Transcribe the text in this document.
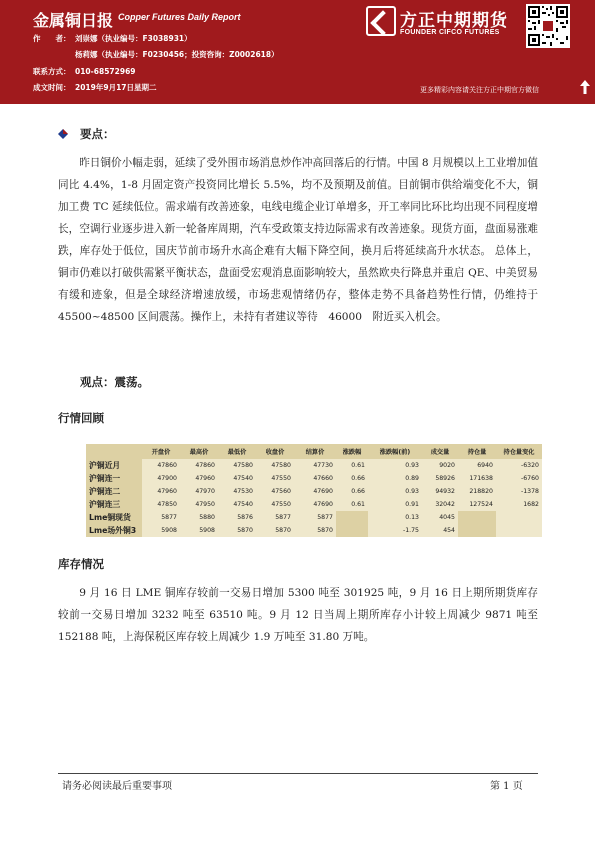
金属铜日报 Copper Futures Daily Report
作　　者： 刘崇娜（执业编号：F3038931）
杨莉娜（执业编号：F0230456；投资咨询：Z0002618）
联系方式： 010-68572969
成文时间： 2019年9月17日星期二
方正中期期货
FOUNDER CIFCO FUTURES
更多精彩内容请关注方正中期官方微信
要点：

昨日铜价小幅走弱，延续了受外围市场消息炒作冲高回落后的行情。中国 8 月规模以上工业增加值同比 4.4%，1-8 月固定资产投资同比增长 5.5%，均不及预期及前值。目前铜市供给端变化不大，铜加工费 TC 延续低位。需求端有改善迹象，电线电缆企业订单增多，开工率同比环比均出现不同程度增长，空调行业逐步进入新一轮备库周期，汽车受政策支持边际需求有改善迹象。现货方面，盘面易涨难跌，库存处于低位，国庆节前市场升水高企难有大幅下降空间，换月后将延续高升水状态。 总体上，铜市仍难以打破供需紧平衡状态，盘面受宏观消息面影响较大，虽然欧央行降息并重启 QE、中美贸易有缓和迹象，但是全球经济增速放缓，市场悲观情绪仍存，整体走势不具备趋势性行情，仍维持于 45500~48500 区间震荡。操作上，未持有者建议等待　46000　附近买入机会。

观点：震荡。
行情回顾
	开盘价	最高价	最低价	收盘价	结算价	涨跌幅	涨跌幅(前)	成交量	持仓量	持仓量变化
沪铜近月	47860	47860	47580	47580	47730	0.61	0.93	9020	6940	-6320
沪铜连一	47900	47960	47540	47550	47660	0.66	0.89	58926	171638	-6760
沪铜连二	47960	47970	47530	47560	47690	0.66	0.93	94932	218820	-1378
沪铜连三	47850	47950	47540	47550	47690	0.61	0.91	32042	127524	1682
Lme铜现货	5877	5880	5876	5877	5877		0.13	4045		
Lme场外铜3	5908	5908	5870	5870	5870		-1.75	454		
库存情况

9 月 16 日 LME 铜库存较前一交易日增加 5300 吨至 301925 吨，9 月 16 日上期所期货库存较前一交易日增加 3232 吨至 63510 吨。9 月 12 日当周上期所库存小计较上周减少 9871 吨至 152188 吨，上海保税区库存较上周减少 1.9 万吨至 31.80 万吨。

请务必阅读最后重要事项	第 1 页
